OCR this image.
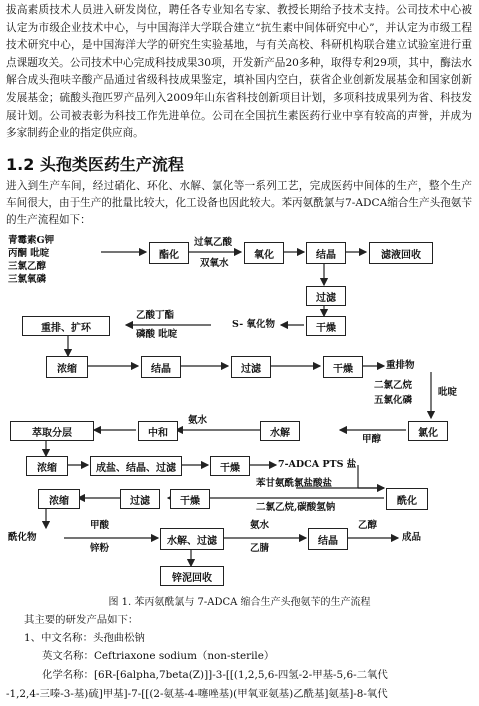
拔高素质技术人员进入研发岗位，聘任各专业知名专家、教授长期给予技术支持。公司技术中心被认定为市级企业技术中心，与中国海洋大学联合建立“抗生素中间体研究中心”，并认定为市级工程技术研究中心，是中国海洋大学的研究生实验基地，与有关高校、科研机构联合建立试验室进行重点课题攻关。公司技术中心完成科技成果30项，开发新产品20多种，取得专利29项，其中，酶法水解合成头孢呋辛酸产品通过省级科技成果鉴定，填补国内空白，获省企业创新发展基金和国家创新发展基金；硫酸头孢匹罗产品列入2009年山东省科技创新项目计划，多项科技成果列为省、科技发展计划。公司被表彰为科技工作先进单位。公司在全国抗生素医药行业中享有较高的声誉，并成为多家制药企业的指定供应商。
1.2 头孢类医药生产流程
进入到生产车间，经过硝化、环化、水解、氯化等一系列工艺，完成医药中间体的生产，整个生产车间很大，由于生产的批量比较大，化工设备也因此较大。苯丙氨酰氯与7-ADCA缩合生产头孢氨苄的生产流程如下：
青霉素G钾
丙酮 吡啶
三氯乙醇
三氯氧磷
酯化
过氧乙酸
双氧水
氧化	结晶	滤液回收
过滤
干燥
S- 氧化物
乙酸丁酯
磷酸 吡啶
重排、扩环
浓缩	结晶	过滤	干燥	重排物
二氯乙烷
五氯化磷
吡啶
萃取分层	中和
氨水
水解
甲醇
氯化
浓缩	成盐、结晶、过滤	干燥	7-ADCA PTS 盐
苯甘氨酰氯盐酸盐
二氯乙烷,碳酸氢钠
酰化
干燥
过滤
浓缩
酰化物
甲酸
锌粉
水解、过滤
氨水
乙腈
结晶
乙醇
成品
锌泥回收
图 1. 苯丙氨酰氯与 7-ADCA 缩合生产头孢氨苄的生产流程
其主要的研发产品如下：
1、中文名称：头孢曲松钠
英文名称：Ceftriaxone sodium（non-sterile）
化学名称：[6R-[6alpha,7beta(Z)]]-3-[[(1,2,5,6-四氢-2-甲基-5,6-二氧代
-1,2,4-三嗪-3-基)硫]甲基]-7-[[(2-氨基-4-噻唑基)(甲氧亚氨基)乙酰基]氨基]-8-氧代
